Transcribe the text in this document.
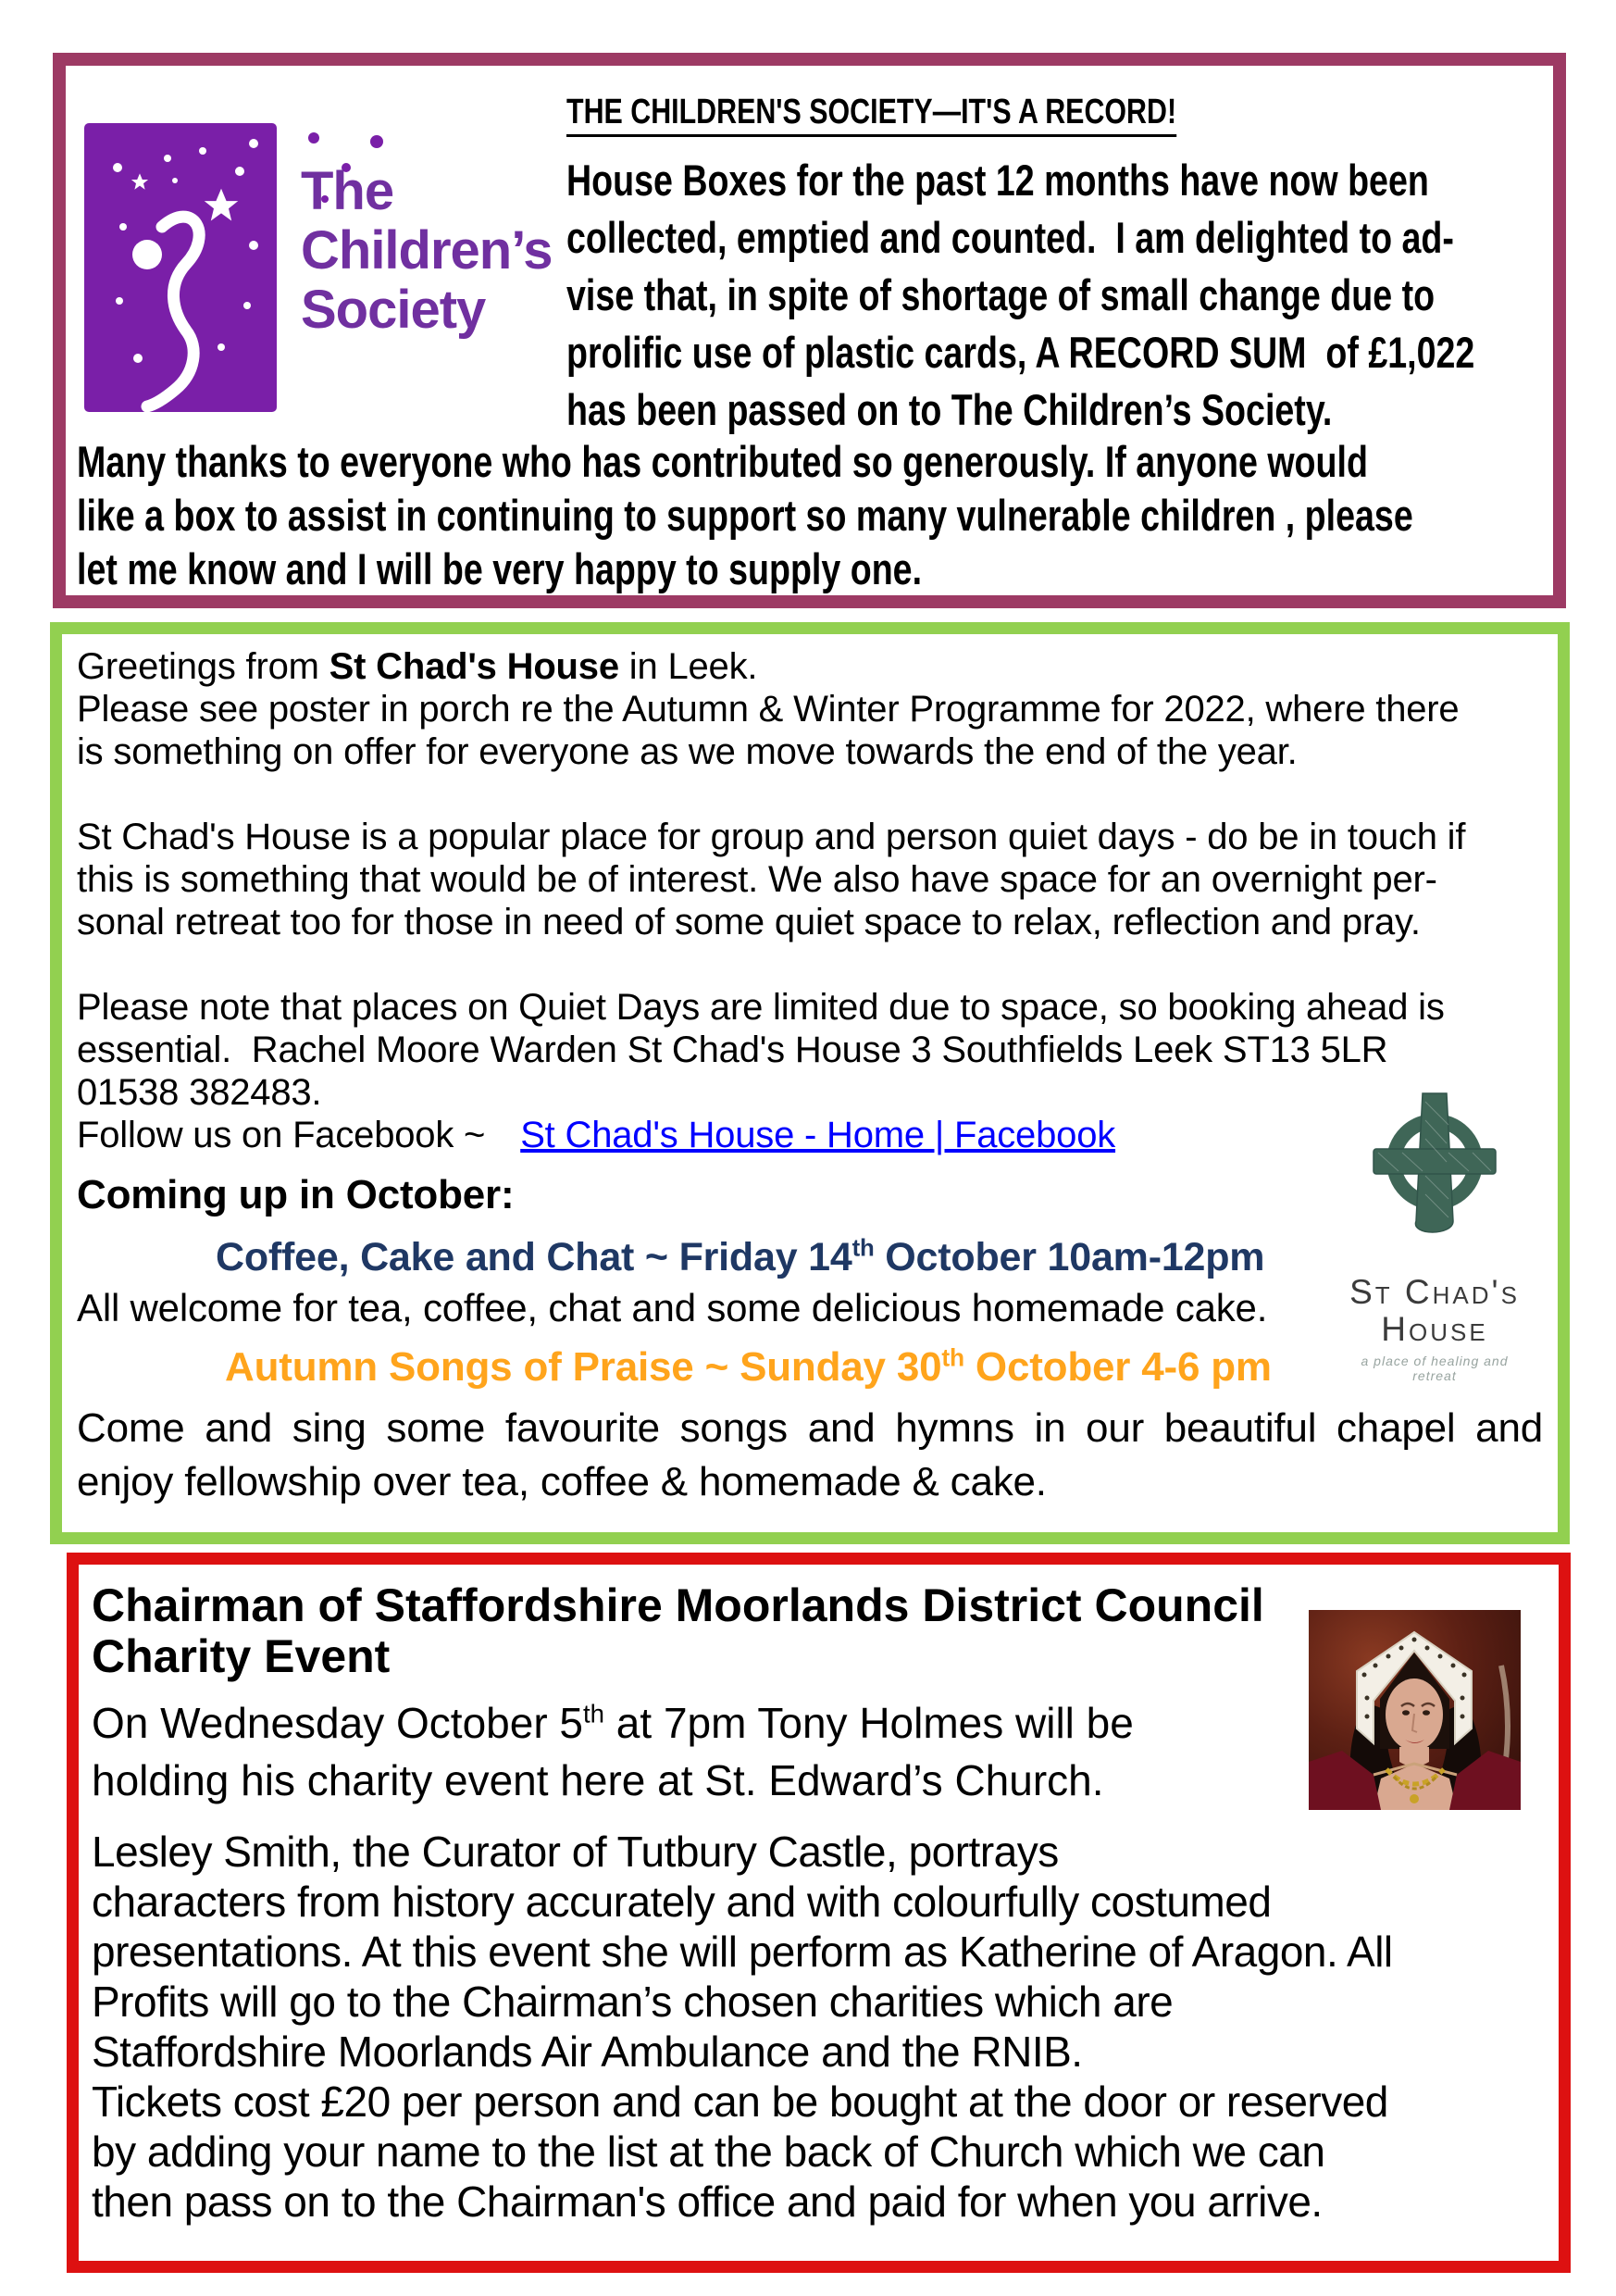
The
Children’s
Society
THE CHILDREN'S SOCIETY—IT'S A RECORD!
House Boxes for the past 12 months have now been
collected, emptied and counted.  I am delighted to ad-
vise that, in spite of shortage of small change due to
prolific use of plastic cards, A RECORD SUM  of £1,022
has been passed on to The Children’s Society.
Many thanks to everyone who has contributed so generously. If anyone would
like a box to assist in continuing to support so many vulnerable children , please
let me know and I will be very happy to supply one.
Greetings from St Chad's House in Leek.
Please see poster in porch re the Autumn & Winter Programme for 2022, where there
is something on offer for everyone as we move towards the end of the year.

St Chad's House is a popular place for group and person quiet days - do be in touch if
this is something that would be of interest. We also have space for an overnight per-
sonal retreat too for those in need of some quiet space to relax, reflection and pray.

Please note that places on Quiet Days are limited due to space, so booking ahead is
essential.  Rachel Moore Warden St Chad's House 3 Southfields Leek ST13 5LR
01538 382483.
Follow us on Facebook ~ St Chad's House - Home | Facebook
Coming up in October:
Coffee, Cake and Chat ~ Friday 14th October 10am-12pm
All welcome for tea, coffee, chat and some delicious homemade cake.
Autumn Songs of Praise ~ Sunday 30th October 4-6 pm
Come and sing some favourite songs and hymns in our beautiful chapel and
enjoy fellowship over tea, coffee & homemade & cake.
St Chad's
House
a place of healing and retreat
Chairman of Staffordshire Moorlands District Council
Charity Event
On Wednesday October 5th at 7pm Tony Holmes will be
holding his charity event here at St. Edward’s Church.
Lesley Smith, the Curator of Tutbury Castle, portrays
characters from history accurately and with colourfully costumed
presentations. At this event she will perform as Katherine of Aragon. All
Profits will go to the Chairman’s chosen charities which are
Staffordshire Moorlands Air Ambulance and the RNIB.
Tickets cost £20 per person and can be bought at the door or reserved
by adding your name to the list at the back of Church which we can
then pass on to the Chairman's office and paid for when you arrive.
